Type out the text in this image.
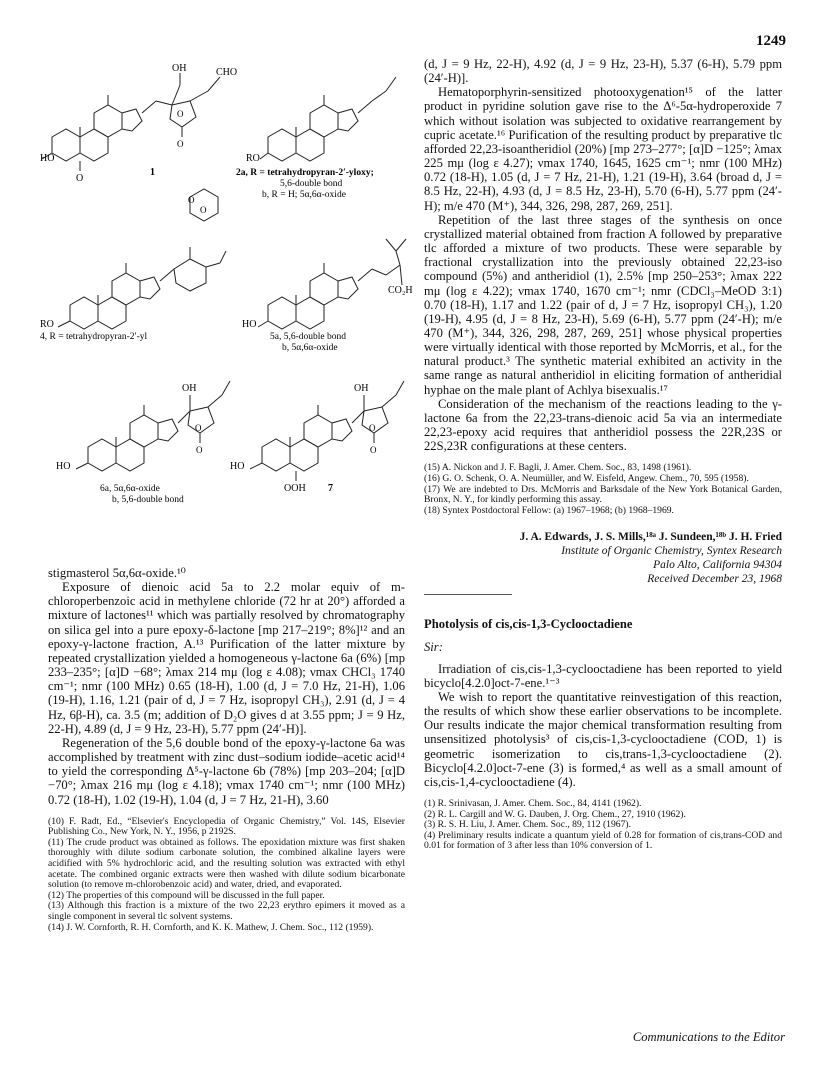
1249
OH	CHO
O
O
HO
O
1
RO
2a, R = tetrahydropyran-2′-yloxy;
5,6-double bond
b, R = H; 5α,6α-oxide
O
O
RO
4, R = tetrahydropyran-2′-yl
CO₂H
HO
5a, 5,6-double bond
b, 5α,6α-oxide
OH
O
O
HO
6a, 5α,6α-oxide
b, 5,6-double bond
OH
O
O
HO
OOH 7

stigmasterol 5α,6α-oxide.¹⁰

Exposure of dienoic acid 5a to 2.2 molar equiv of m-chloroperbenzoic acid in methylene chloride (72 hr at 20°) afforded a mixture of lactones¹¹ which was partially resolved by chromatography on silica gel into a pure epoxy-δ-lactone [mp 217–219°; 8%]¹² and an epoxy-γ-lactone fraction, A.¹³ Purification of the latter mixture by repeated crystallization yielded a homogeneous γ-lactone 6a (6%) [mp 233–235°; [α]D −68°; λmax 214 mμ (log ε 4.08); νmax CHCl₃ 1740 cm⁻¹; nmr (100 MHz) 0.65 (18-H), 1.00 (d, J = 7.0 Hz, 21-H), 1.06 (19-H), 1.16, 1.21 (pair of d, J = 7 Hz, isopropyl CH₃), 2.91 (d, J = 4 Hz, 6β-H), ca. 3.5 (m; addition of D₂O gives d at 3.55 ppm; J = 9 Hz, 22-H), 4.89 (d, J = 9 Hz, 23-H), 5.77 ppm (24′-H)].

Regeneration of the 5,6 double bond of the epoxy-γ-lactone 6a was accomplished by treatment with zinc dust–sodium iodide–acetic acid¹⁴ to yield the corresponding Δ⁵-γ-lactone 6b (78%) [mp 203–204; [α]D −70°; λmax 216 mμ (log ε 4.18); νmax 1740 cm⁻¹; nmr (100 MHz) 0.72 (18-H), 1.02 (19-H), 1.04 (d, J = 7 Hz, 21-H), 3.60

(10) F. Radt, Ed., “Elsevier's Encyclopedia of Organic Chemistry,” Vol. 14S, Elsevier Publishing Co., New York, N. Y., 1956, p 2192S.

(11) The crude product was obtained as follows. The epoxidation mixture was first shaken thoroughly with dilute sodium carbonate solution, the combined alkaline layers were acidified with 5% hydrochloric acid, and the resulting solution was extracted with ethyl acetate. The combined organic extracts were then washed with dilute sodium bicarbonate solution (to remove m-chlorobenzoic acid) and water, dried, and evaporated.

(12) The properties of this compound will be discussed in the full paper.

(13) Although this fraction is a mixture of the two 22,23 erythro epimers it moved as a single component in several tlc solvent systems.

(14) J. W. Cornforth, R. H. Cornforth, and K. K. Mathew, J. Chem. Soc., 112 (1959).

(d, J = 9 Hz, 22-H), 4.92 (d, J = 9 Hz, 23-H), 5.37 (6-H), 5.79 ppm (24′-H)].

Hematoporphyrin-sensitized photooxygenation¹⁵ of the latter product in pyridine solution gave rise to the Δ⁶-5α-hydroperoxide 7 which without isolation was subjected to oxidative rearrangement by cupric acetate.¹⁶ Purification of the resulting product by preparative tlc afforded 22,23-isoantheridiol (20%) [mp 273–277°; [α]D −125°; λmax 225 mμ (log ε 4.27); νmax 1740, 1645, 1625 cm⁻¹; nmr (100 MHz) 0.72 (18-H), 1.05 (d, J = 7 Hz, 21-H), 1.21 (19-H), 3.64 (broad d, J = 8.5 Hz, 22-H), 4.93 (d, J = 8.5 Hz, 23-H), 5.70 (6-H), 5.77 ppm (24′-H); m/e 470 (M⁺), 344, 326, 298, 287, 269, 251].

Repetition of the last three stages of the synthesis on once crystallized material obtained from fraction A followed by preparative tlc afforded a mixture of two products. These were separable by fractional crystallization into the previously obtained 22,23-iso compound (5%) and antheridiol (1), 2.5% [mp 250–253°; λmax 222 mμ (log ε 4.22); νmax 1740, 1670 cm⁻¹; nmr (CDCl₃–MeOD 3:1) 0.70 (18-H), 1.17 and 1.22 (pair of d, J = 7 Hz, isopropyl CH₃), 1.20 (19-H), 4.95 (d, J = 8 Hz, 23-H), 5.69 (6-H), 5.77 ppm (24′-H); m/e 470 (M⁺), 344, 326, 298, 287, 269, 251] whose physical properties were virtually identical with those reported by McMorris, et al., for the natural product.³ The synthetic material exhibited an activity in the same range as natural antheridiol in eliciting formation of antheridial hyphae on the male plant of Achlya bisexualis.¹⁷

Consideration of the mechanism of the reactions leading to the γ-lactone 6a from the 22,23-trans-dienoic acid 5a via an intermediate 22,23-epoxy acid requires that antheridiol possess the 22R,23S or 22S,23R configurations at these centers.

(15) A. Nickon and J. F. Bagli, J. Amer. Chem. Soc., 83, 1498 (1961).

(16) G. O. Schenk, O. A. Neumüller, and W. Eisfeld, Angew. Chem., 70, 595 (1958).

(17) We are indebted to Drs. McMorris and Barksdale of the New York Botanical Garden, Bronx, N. Y., for kindly performing this assay.

(18) Syntex Postdoctoral Fellow: (a) 1967–1968; (b) 1968–1969.

J. A. Edwards, J. S. Mills,¹⁸ᵃ J. Sundeen,¹⁸ᵇ J. H. Fried
Institute of Organic Chemistry, Syntex Research
Palo Alto, California 94304
Received December 23, 1968
Photolysis of cis,cis-1,3-Cyclooctadiene
Sir:

Irradiation of cis,cis-1,3-cyclooctadiene has been reported to yield bicyclo[4.2.0]oct-7-ene.¹⁻³

We wish to report the quantitative reinvestigation of this reaction, the results of which show these earlier observations to be incomplete. Our results indicate the major chemical transformation resulting from unsensitized photolysis³ of cis,cis-1,3-cyclooctadiene (COD, 1) is geometric isomerization to cis,trans-1,3-cyclooctadiene (2). Bicyclo[4.2.0]oct-7-ene (3) is formed,⁴ as well as a small amount of cis,cis-1,4-cyclooctadiene (4).

(1) R. Srinivasan, J. Amer. Chem. Soc., 84, 4141 (1962).

(2) R. L. Cargill and W. G. Dauben, J. Org. Chem., 27, 1910 (1962).

(3) R. S. H. Liu, J. Amer. Chem. Soc., 89, 112 (1967).

(4) Preliminary results indicate a quantum yield of 0.28 for formation of cis,trans-COD and 0.01 for formation of 3 after less than 10% conversion of 1.

Communications to the Editor
